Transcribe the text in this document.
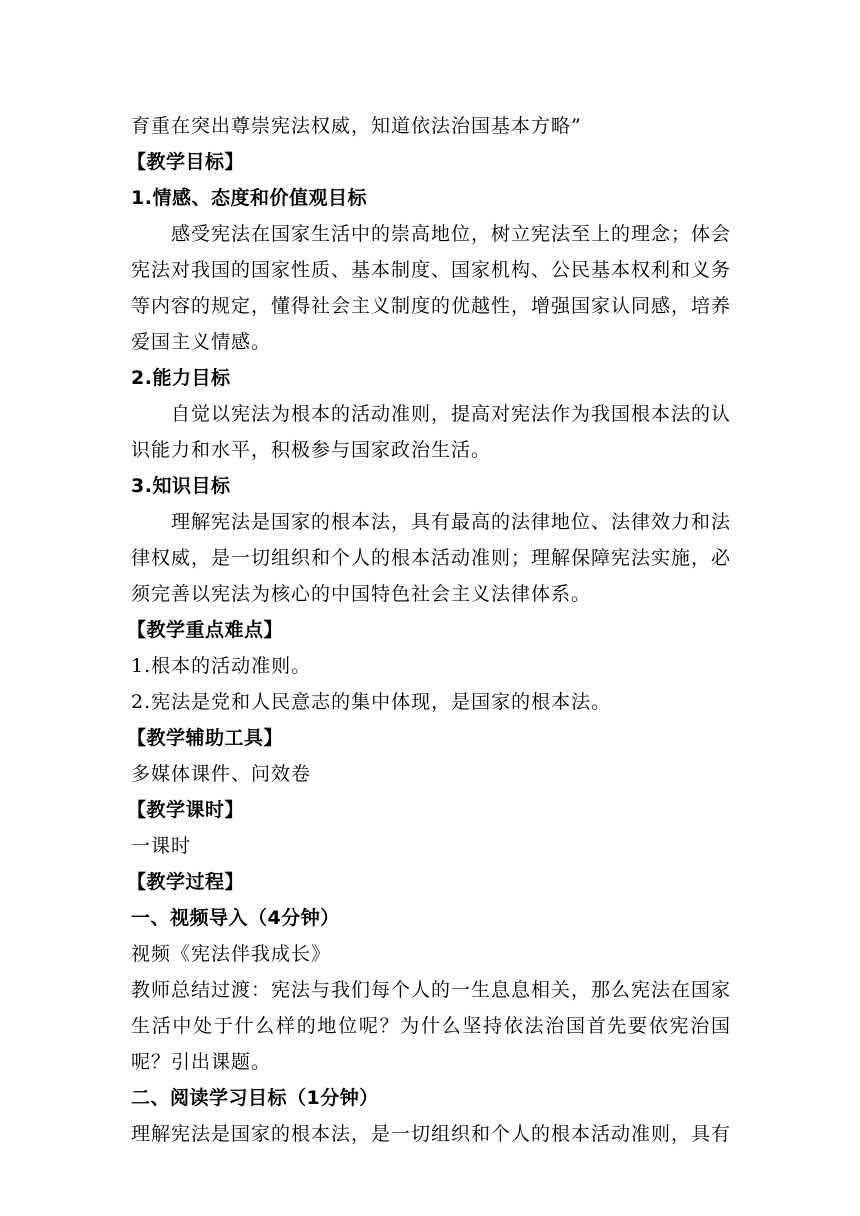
育重在突出尊崇宪法权威，知道依法治国基本方略”
【教学目标】
1.情感、态度和价值观目标
感受宪法在国家生活中的崇高地位，树立宪法至上的理念；体会宪法对我国的国家性质、基本制度、国家机构、公民基本权利和义务等内容的规定，懂得社会主义制度的优越性，增强国家认同感，培养爱国主义情感。
2.能力目标
自觉以宪法为根本的活动准则，提高对宪法作为我国根本法的认识能力和水平，积极参与国家政治生活。
3.知识目标
理解宪法是国家的根本法，具有最高的法律地位、法律效力和法律权威，是一切组织和个人的根本活动准则；理解保障宪法实施，必须完善以宪法为核心的中国特色社会主义法律体系。
【教学重点难点】
1.根本的活动准则。
2.宪法是党和人民意志的集中体现，是国家的根本法。
【教学辅助工具】
多媒体课件、问效卷
【教学课时】
一课时
【教学过程】
一、视频导入（4分钟）
视频《宪法伴我成长》
教师总结过渡：宪法与我们每个人的一生息息相关，那么宪法在国家生活中处于什么样的地位呢？为什么坚持依法治国首先要依宪治国呢？引出课题。
二、阅读学习目标（1分钟）
理解宪法是国家的根本法，是一切组织和个人的根本活动准则，具有
